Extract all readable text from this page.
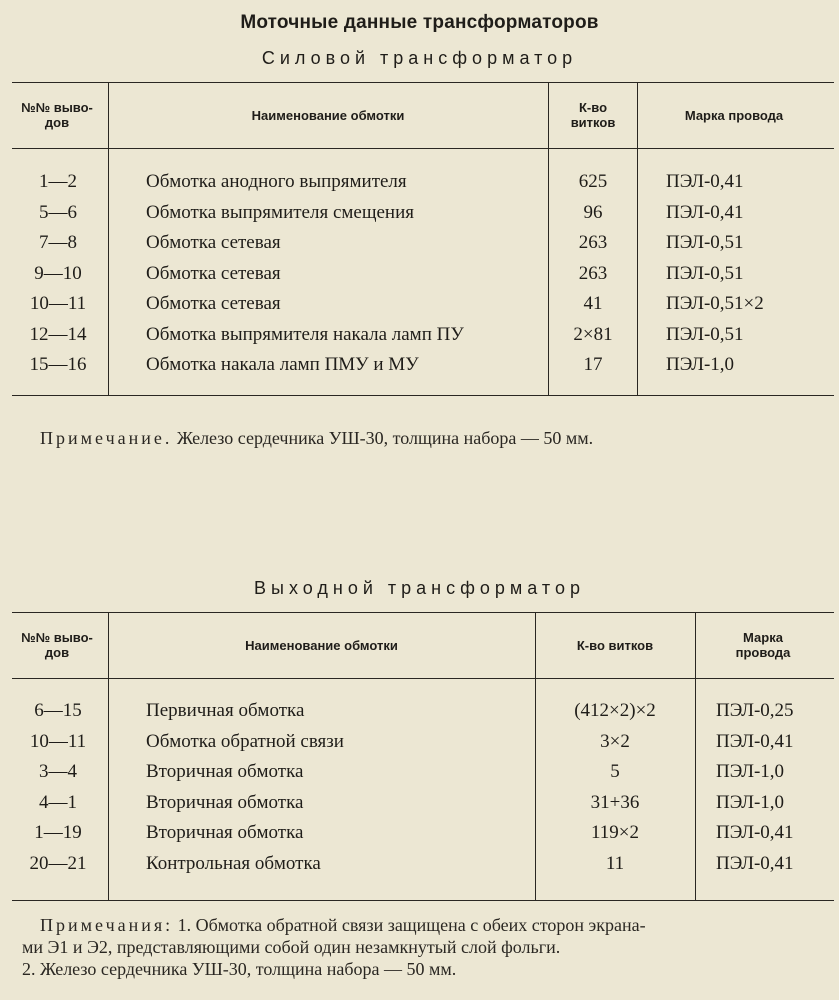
Моточные данные трансформаторов
Силовой трансформатор
№№ выво-
дов	Наименование обмотки	К-во
витков	Марка провода
1—2	Обмотка анодного выпрямителя	625	ПЭЛ-0,41
5—6	Обмотка выпрямителя смещения	96	ПЭЛ-0,41
7—8	Обмотка сетевая	263	ПЭЛ-0,51
9—10	Обмотка сетевая	263	ПЭЛ-0,51
10—11	Обмотка сетевая	41	ПЭЛ-0,51×2
12—14	Обмотка выпрямителя накала ламп ПУ	2×81	ПЭЛ-0,51
15—16	Обмотка накала ламп ПМУ и МУ	17	ПЭЛ-1,0
Примечание. Железо сердечника УШ-30, толщина набора — 50 мм.
Выходной трансформатор
№№ выво-
дов	Наименование обмотки	К-во витков	Марка
провода
6—15	Первичная обмотка	(412×2)×2	ПЭЛ-0,25
10—11	Обмотка обратной связи	3×2	ПЭЛ-0,41
3—4	Вторичная обмотка	5	ПЭЛ-1,0
4—1	Вторичная обмотка	31+36	ПЭЛ-1,0
1—19	Вторичная обмотка	119×2	ПЭЛ-0,41
20—21	Контрольная обмотка	11	ПЭЛ-0,41
Примечания: 1. Обмотка обратной связи защищена с обеих сторон экрана-
ми Э1 и Э2, представляющими собой один незамкнутый слой фольги.
2. Железо сердечника УШ-30, толщина набора — 50 мм.
